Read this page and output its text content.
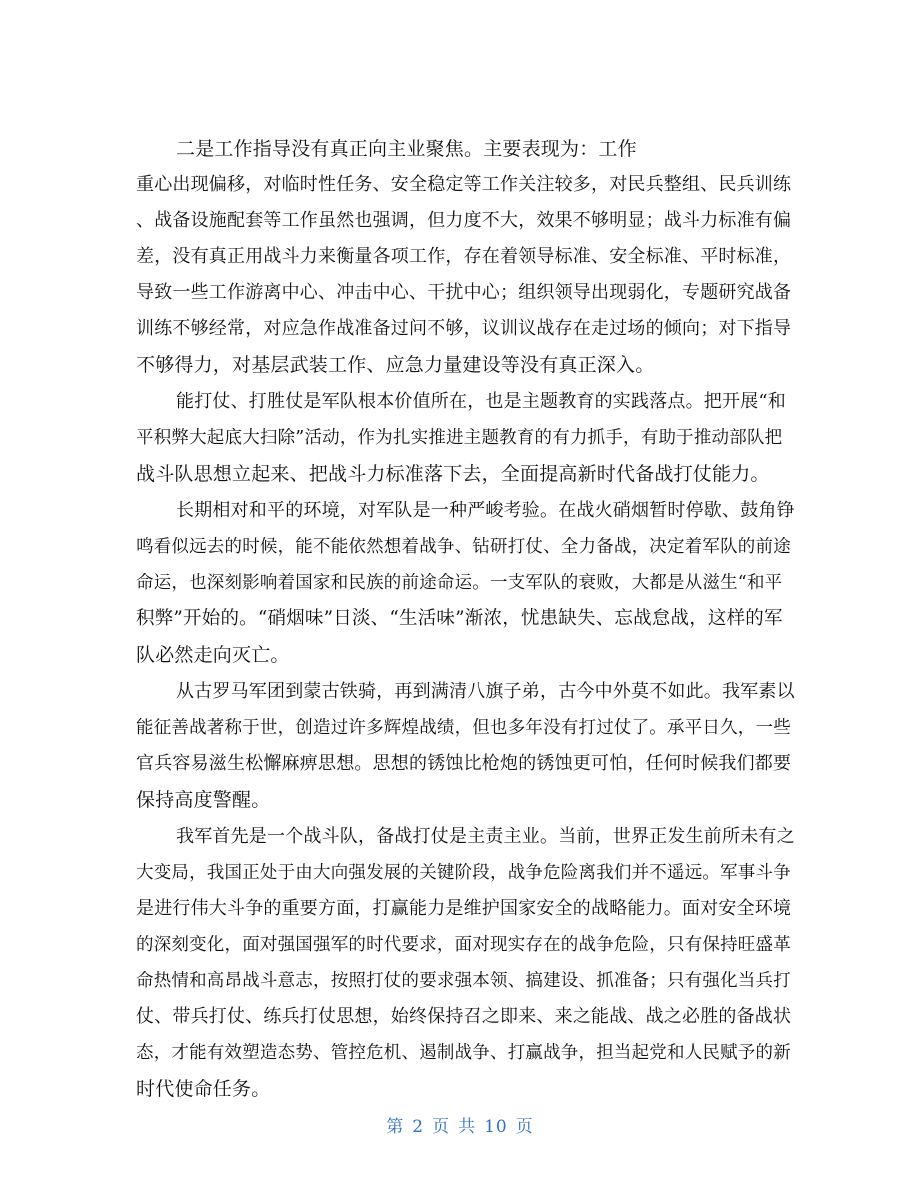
二是工作指导没有真正向主业聚焦。主要表现为：工作
重心出现偏移，对临时性任务、安全稳定等工作关注较多，对民兵整组、民兵训练
、战备设施配套等工作虽然也强调，但力度不大，效果不够明显；战斗力标准有偏
差，没有真正用战斗力来衡量各项工作，存在着领导标准、安全标准、平时标准，
导致一些工作游离中心、冲击中心、干扰中心；组织领导出现弱化，专题研究战备
训练不够经常，对应急作战准备过问不够，议训议战存在走过场的倾向；对下指导
不够得力，对基层武装工作、应急力量建设等没有真正深入。
能打仗、打胜仗是军队根本价值所在，也是主题教育的实践落点。把开展“和
平积弊大起底大扫除”活动，作为扎实推进主题教育的有力抓手，有助于推动部队把
战斗队思想立起来、把战斗力标准落下去，全面提高新时代备战打仗能力。
长期相对和平的环境，对军队是一种严峻考验。在战火硝烟暂时停歇、鼓角铮
鸣看似远去的时候，能不能依然想着战争、钻研打仗、全力备战，决定着军队的前途
命运，也深刻影响着国家和民族的前途命运。一支军队的衰败，大都是从滋生“和平
积弊”开始的。“硝烟味”日淡、“生活味”渐浓，忧患缺失、忘战怠战，这样的军
队必然走向灭亡。
从古罗马军团到蒙古铁骑，再到满清八旗子弟，古今中外莫不如此。我军素以
能征善战著称于世，创造过许多辉煌战绩，但也多年没有打过仗了。承平日久，一些
官兵容易滋生松懈麻痹思想。思想的锈蚀比枪炮的锈蚀更可怕，任何时候我们都要
保持高度警醒。
我军首先是一个战斗队，备战打仗是主责主业。当前，世界正发生前所未有之
大变局，我国正处于由大向强发展的关键阶段，战争危险离我们并不遥远。军事斗争
是进行伟大斗争的重要方面，打赢能力是维护国家安全的战略能力。面对安全环境
的深刻变化，面对强国强军的时代要求，面对现实存在的战争危险，只有保持旺盛革
命热情和高昂战斗意志，按照打仗的要求强本领、搞建设、抓准备；只有强化当兵打
仗、带兵打仗、练兵打仗思想，始终保持召之即来、来之能战、战之必胜的备战状
态，才能有效塑造态势、管控危机、遏制战争、打赢战争，担当起党和人民赋予的新
时代使命任务。
第 2 页 共 10 页
